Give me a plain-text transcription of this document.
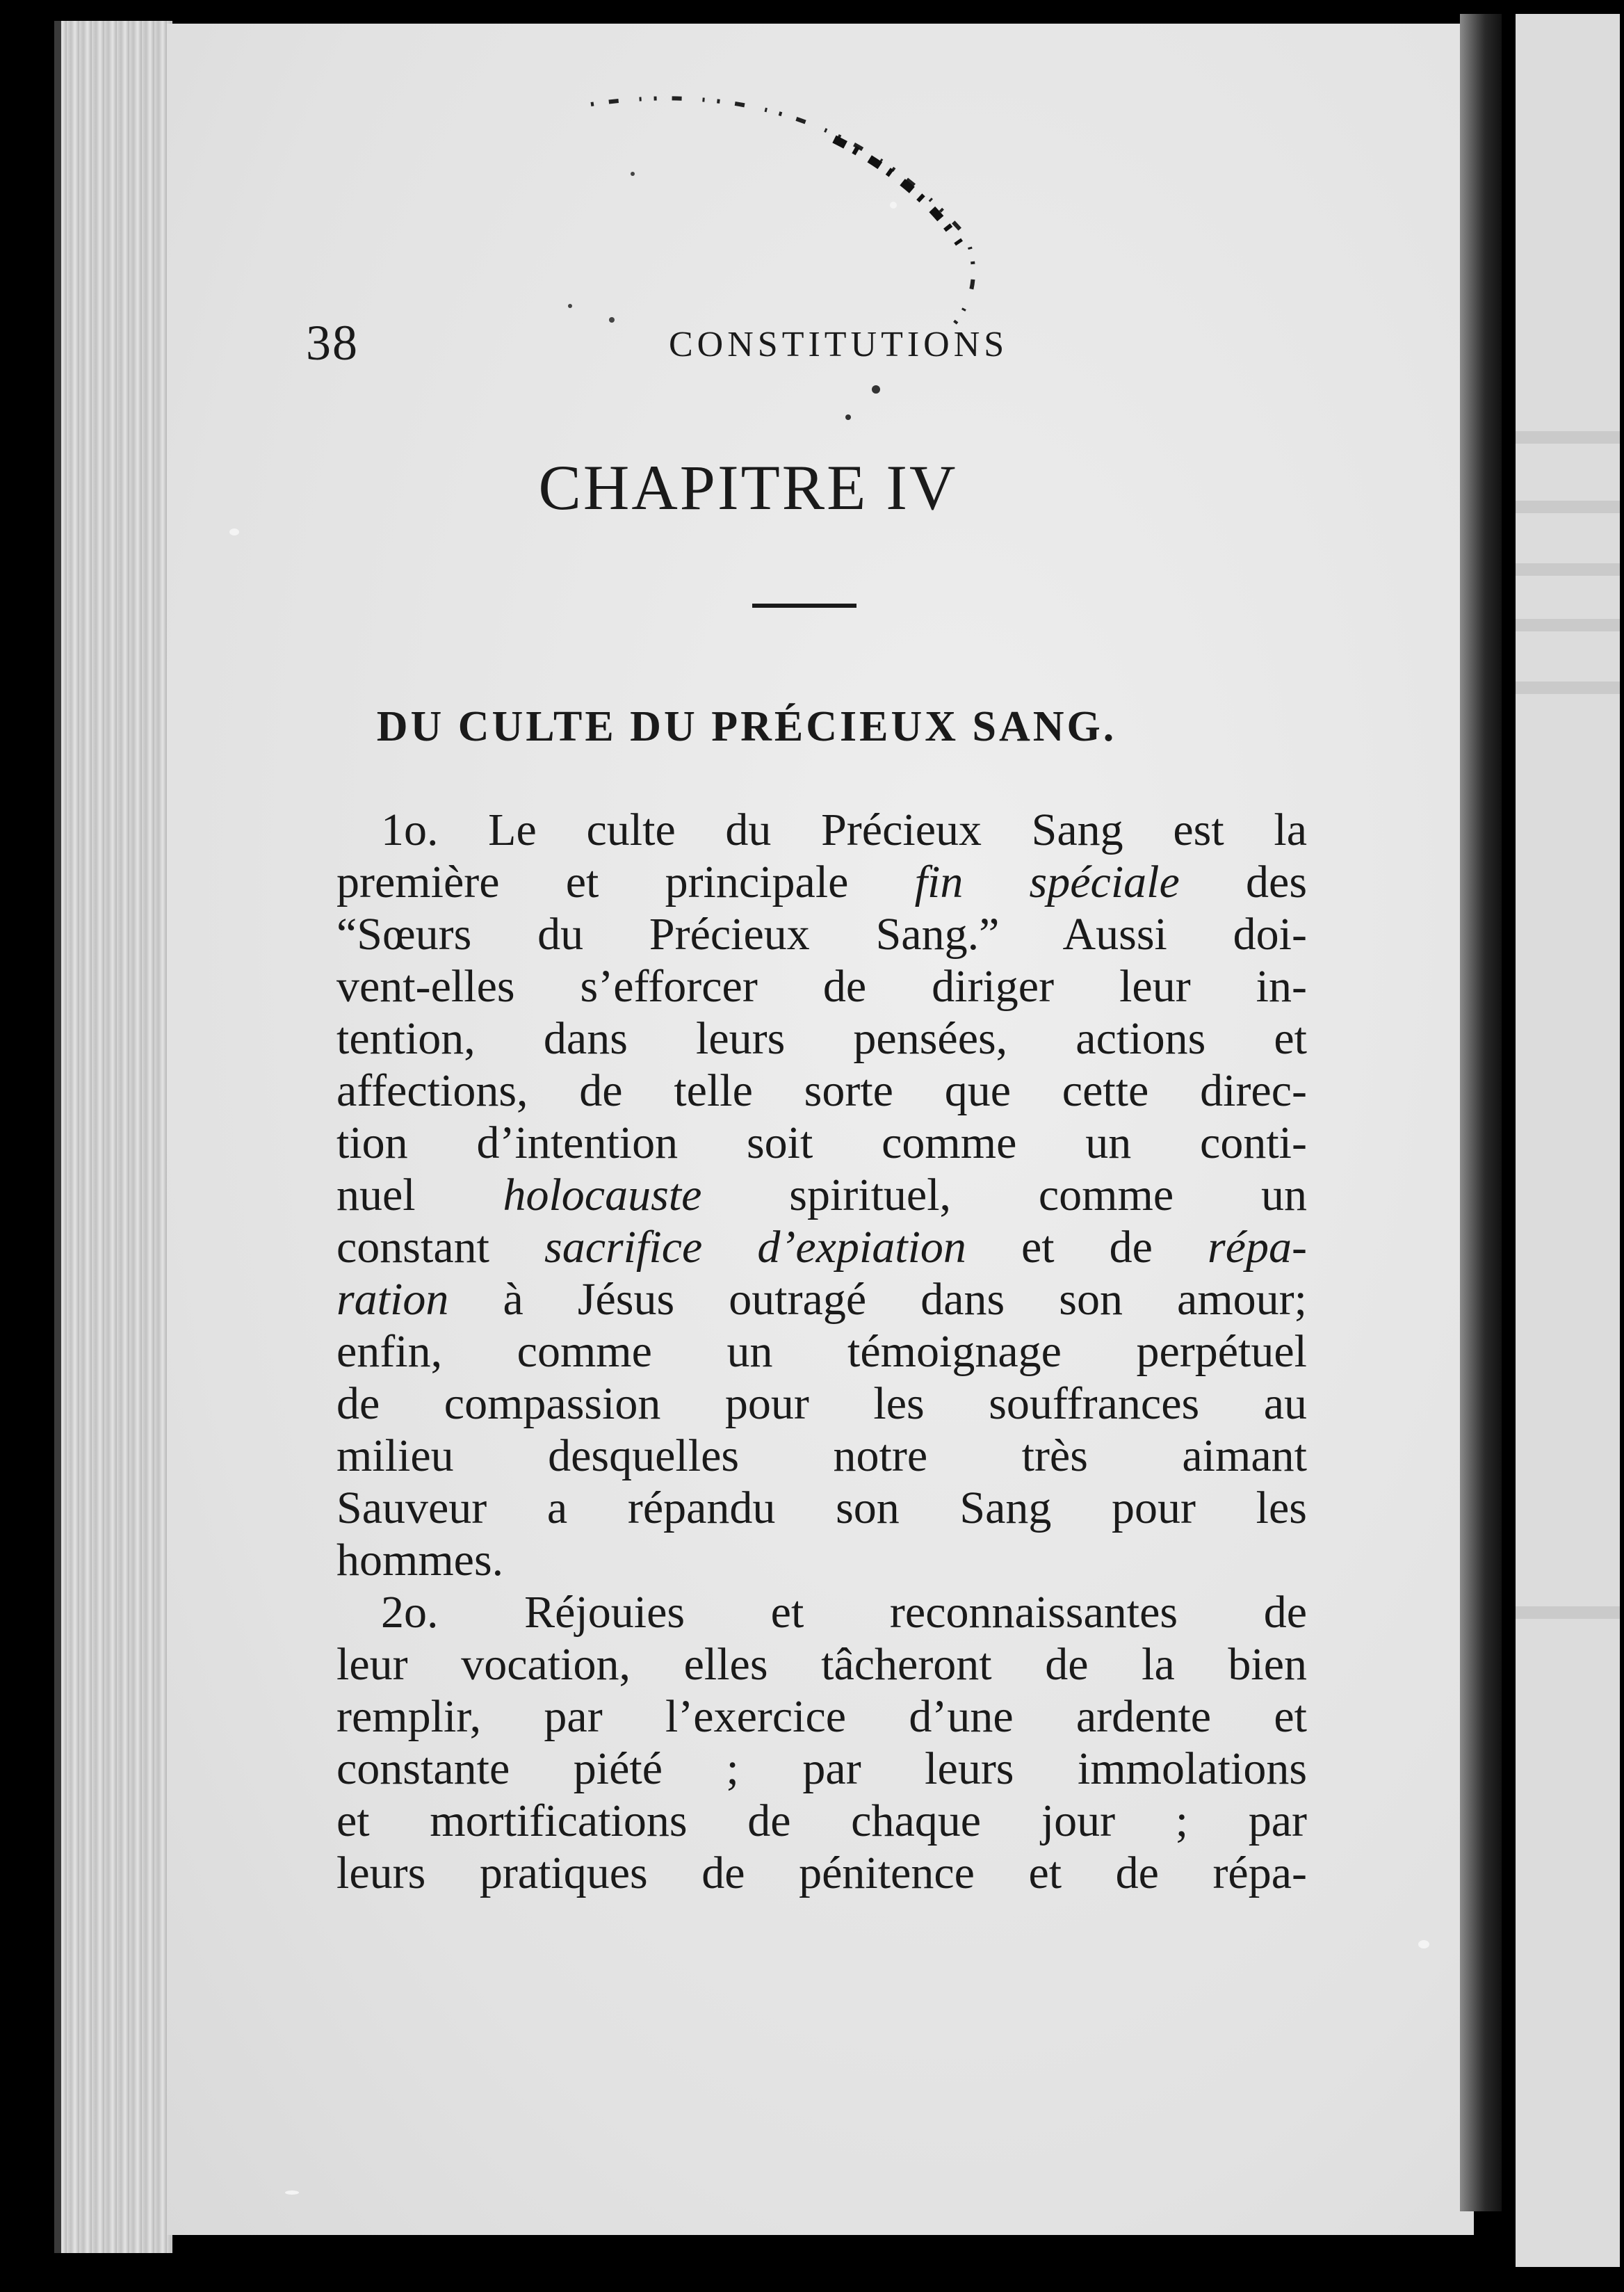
38	CONSTITUTIONS
CHAPITRE IV
DU CULTE DU PRÉCIEUX SANG.
1o. Le culte du Précieux Sang est la
première et principale fin spéciale des
“Sœurs du Précieux Sang.” Aussi doi-
vent-elles s’efforcer de diriger leur in-
tention, dans leurs pensées, actions et
affections, de telle sorte que cette direc-
tion d’intention soit comme un conti-
nuel holocauste spirituel, comme un
constant sacrifice d’expiation et de répa-
ration à Jésus outragé dans son amour;
enfin, comme un témoignage perpétuel
de compassion pour les souffrances au
milieu desquelles notre très aimant
Sauveur a répandu son Sang pour les
hommes.
2o. Réjouies et reconnaissantes de
leur vocation, elles tâcheront de la bien
remplir, par l’exercice d’une ardente et
constante piété ; par leurs immolations
et mortifications de chaque jour ; par
leurs pratiques de pénitence et de répa-
